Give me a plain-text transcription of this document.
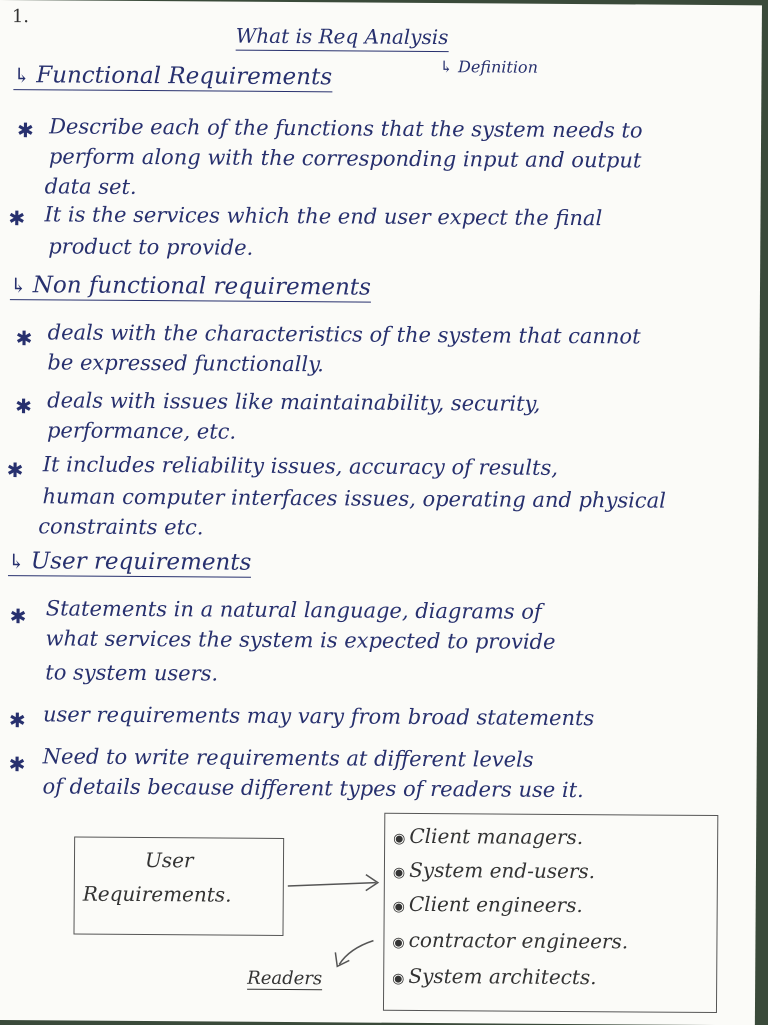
1.
What is Req Analysis
↳ Definition
↳ Functional Requirements
✱ Describe each of the functions that the system needs to
perform along with the corresponding input and output
data set.
✱ It is the services which the end user expect the final
product to provide.
↳ Non functional requirements
✱ deals with the characteristics of the system that cannot
be expressed functionally.
✱ deals with issues like maintainability, security,
performance, etc.
✱ It includes reliability issues, accuracy of results,
human computer interfaces issues, operating and physical
constraints etc.
↳ User requirements
✱ Statements in a natural language, diagrams of
what services the system is expected to provide
to system users.
✱ user requirements may vary from broad statements
✱ Need to write requirements at different levels
of details because different types of readers use it.
User
Requirements.
◉ Client managers.
◉ System end-users.
◉ Client engineers.
◉ contractor engineers.
◉ System architects.
Readers
